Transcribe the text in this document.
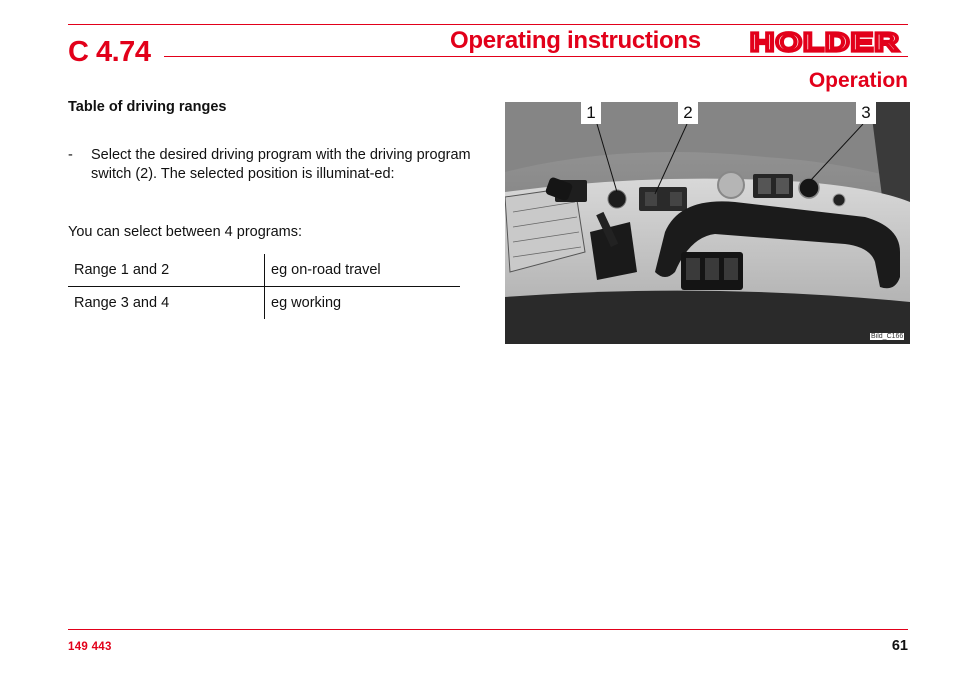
C 4.74	Operating instructions HOLDER
Operation
Table of driving ranges
- Select the desired driving program with the driving program switch (2). The selected position is illuminat-ed:
You can select between 4 programs:
Range 1 and 2	eg on-road travel
Range 3 and 4	eg working
1	2	3
Bild_C166
149 443	61
